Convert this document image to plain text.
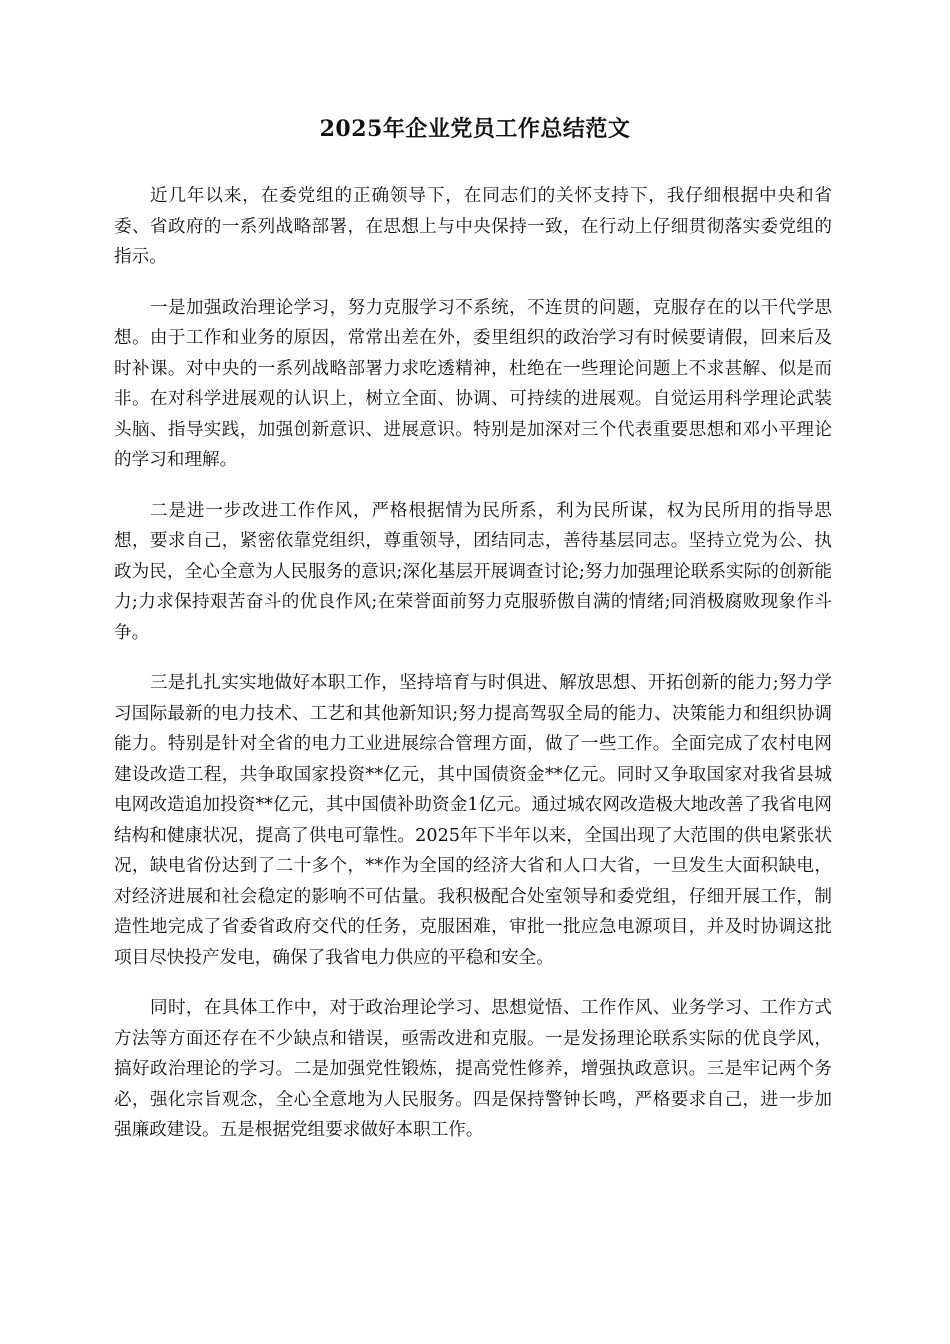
2025年企业党员工作总结范文

近几年以来，在委党组的正确领导下，在同志们的关怀支持下，我仔细根据中央和省委、省政府的一系列战略部署，在思想上与中央保持一致，在行动上仔细贯彻落实委党组的指示。

一是加强政治理论学习，努力克服学习不系统，不连贯的问题，克服存在的以干代学思想。由于工作和业务的原因，常常出差在外，委里组织的政治学习有时候要请假，回来后及时补课。对中央的一系列战略部署力求吃透精神，杜绝在一些理论问题上不求甚解、似是而非。在对科学进展观的认识上，树立全面、协调、可持续的进展观。自觉运用科学理论武装头脑、指导实践，加强创新意识、进展意识。特别是加深对三个代表重要思想和邓小平理论的学习和理解。

二是进一步改进工作作风，严格根据情为民所系，利为民所谋，权为民所用的指导思想，要求自己，紧密依靠党组织，尊重领导，团结同志，善待基层同志。坚持立党为公、执政为民，全心全意为人民服务的意识;深化基层开展调查讨论;努力加强理论联系实际的创新能力;力求保持艰苦奋斗的优良作风;在荣誉面前努力克服骄傲自满的情绪;同消极腐败现象作斗争。

三是扎扎实实地做好本职工作，坚持培育与时俱进、解放思想、开拓创新的能力;努力学习国际最新的电力技术、工艺和其他新知识;努力提高驾驭全局的能力、决策能力和组织协调能力。特别是针对全省的电力工业进展综合管理方面，做了一些工作。全面完成了农村电网建设改造工程，共争取国家投资**亿元，其中国债资金**亿元。同时又争取国家对我省县城电网改造追加投资**亿元，其中国债补助资金1亿元。通过城农网改造极大地改善了我省电网结构和健康状况，提高了供电可靠性。2025年下半年以来，全国出现了大范围的供电紧张状况，缺电省份达到了二十多个，**作为全国的经济大省和人口大省，一旦发生大面积缺电，对经济进展和社会稳定的影响不可估量。我积极配合处室领导和委党组，仔细开展工作，制造性地完成了省委省政府交代的任务，克服困难，审批一批应急电源项目，并及时协调这批项目尽快投产发电，确保了我省电力供应的平稳和安全。

同时，在具体工作中，对于政治理论学习、思想觉悟、工作作风、业务学习、工作方式方法等方面还存在不少缺点和错误，亟需改进和克服。一是发扬理论联系实际的优良学风，搞好政治理论的学习。二是加强党性锻炼，提高党性修养，增强执政意识。三是牢记两个务必，强化宗旨观念，全心全意地为人民服务。四是保持警钟长鸣，严格要求自己，进一步加强廉政建设。五是根据党组要求做好本职工作。
